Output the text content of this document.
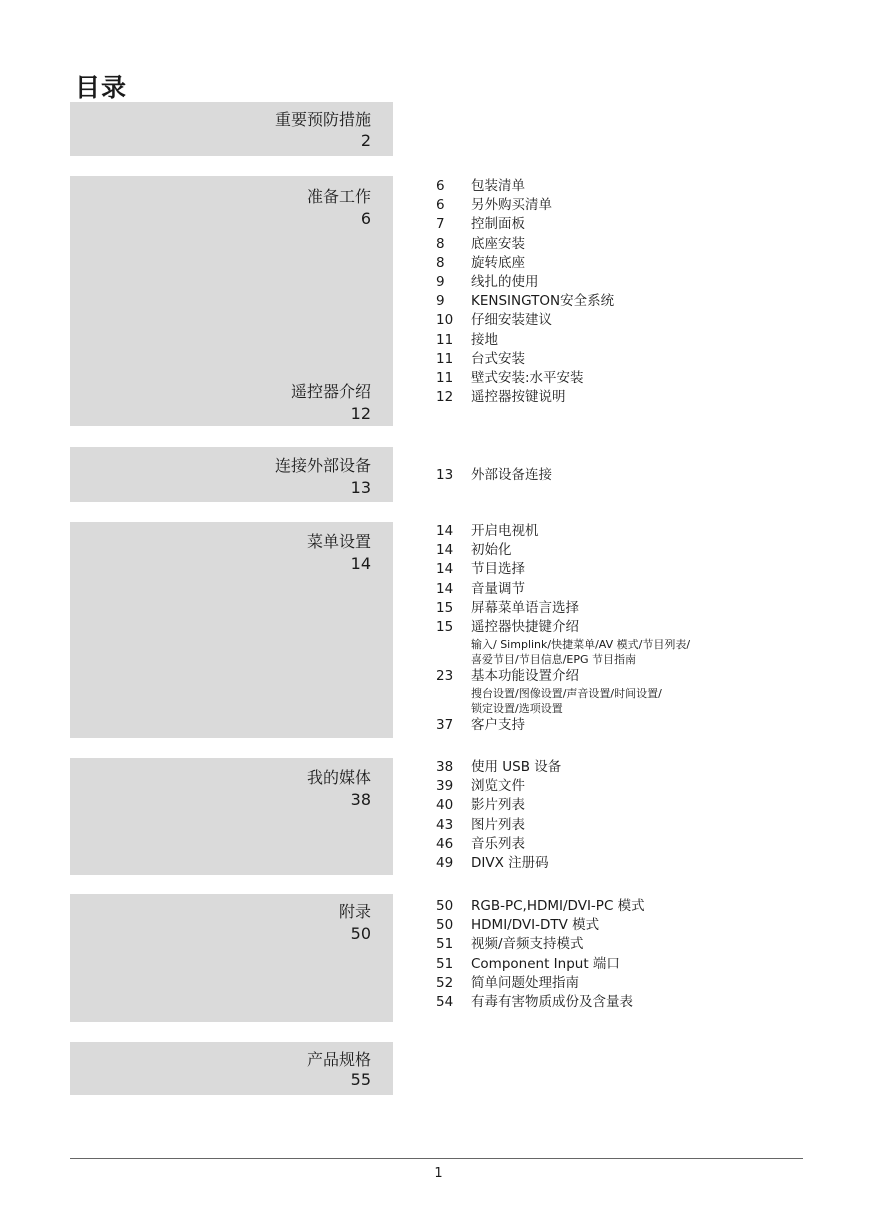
目录
重要预防措施
2
准备工作
6
遥控器介绍
12
连接外部设备
13
菜单设置
14
我的媒体
38
附录
50
产品规格
55
6	包装清单
6	另外购买清单
7	控制面板
8	底座安装
8	旋转底座
9	线扎的使用
9	KENSINGTON安全系统
10	仔细安装建议
11	接地
11	台式安装
11	壁式安装:水平安装
12	遥控器按键说明
13	外部设备连接
14	开启电视机
14	初始化
14	节目选择
14	音量调节
15	屏幕菜单语言选择
15	遥控器快捷键介绍
输入/ Simplink/快捷菜单/AV 模式/节目列表/
喜爱节目/节目信息/EPG 节目指南
23	基本功能设置介绍
搜台设置/图像设置/声音设置/时间设置/
锁定设置/选项设置
37	客户支持
38	使用 USB 设备
39	浏览文件
40	影片列表
43	图片列表
46	音乐列表
49	DIVX 注册码
50	RGB-PC,HDMI/DVI-PC 模式
50	HDMI/DVI-DTV 模式
51	视频/音频支持模式
51	Component Input 端口
52	简单问题处理指南
54	有毒有害物质成份及含量表
1
